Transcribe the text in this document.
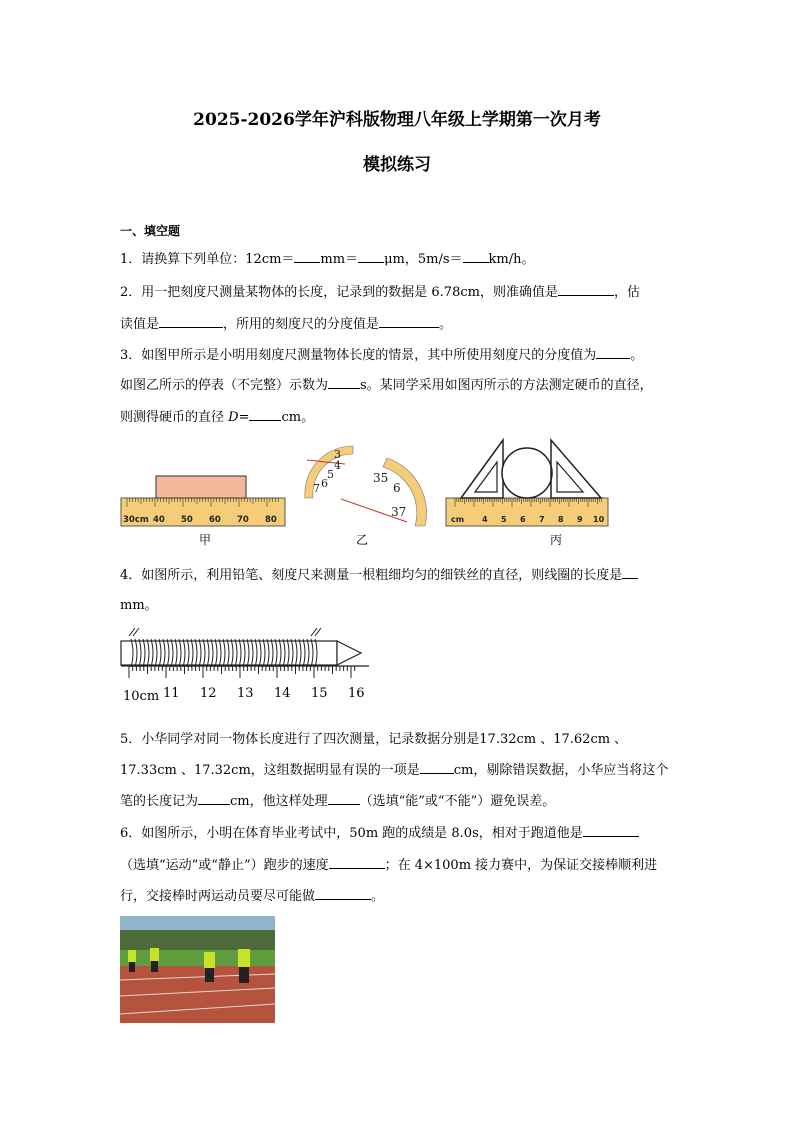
2025-2026学年沪科版物理八年级上学期第一次月考
模拟练习
一、填空题
1．请换算下列单位：12cm＝ mm＝ μm，5m/s＝ km/h。
2．用一把刻度尺测量某物体的长度，记录到的数据是 6.78cm，则准确值是	，估
读值是	，所用的刻度尺的分度值是	。
3．如图甲所示是小明用刻度尺测量物体长度的情景，其中所使用刻度尺的分度值为	。
如图乙所示的停表（不完整）示数为 s。某同学采用如图丙所示的方法测定硬币的直径，
则测得硬币的直径 D= cm。
30cm 40 50 60 70 80
3
4
5
6
7
35
6
37
cm 4 5 6 7 8 9 10
甲	乙	丙
4．如图所示，利用铅笔、刻度尺来测量一根粗细均匀的细铁丝的直径，则线圈的长度是
mm。
10cm 11 12 13 14 15 16
5．小华同学对同一物体长度进行了四次测量，记录数据分别是17.32cm 、17.62cm 、
17.33cm 、17.32cm，这组数据明显有误的一项是	cm，剔除错误数据，小华应当将这个
笔的长度记为 cm，他这样处理 （选填“能”或“不能”）避免误差。
6．如图所示，小明在体育毕业考试中，50m 跑的成绩是 8.0s，相对于跑道他是
（选填“运动”或“静止”）跑步的速度	；在 4×100m 接力赛中，为保证交接棒顺利进
行，交接棒时两运动员要尽可能做	。
